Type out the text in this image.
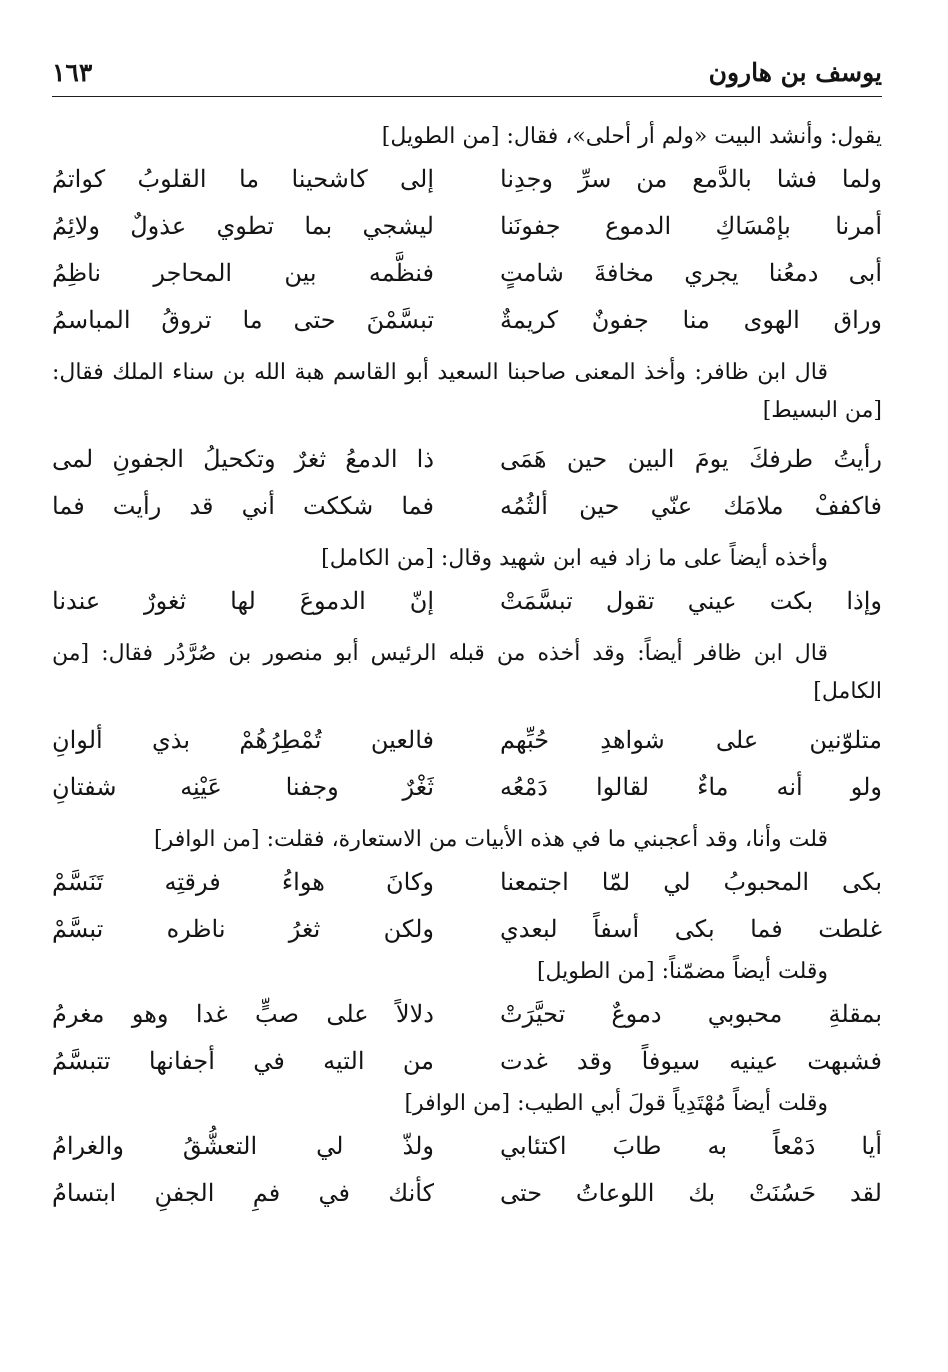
يوسف بن هارون
١٦٣

يقول: وأنشد البيت «ولم أر أحلى»، فقال: [من الطويل]

ولما فشا بالدَّمع من سرِّ وجدِنا
إلى كاشحينا ما القلوبُ كواتمُ
أمرنا بإمْسَاكِ الدموع جفونَنا
ليشجي بما تطوي عذولٌ ولائِمُ
أبى دمعُنا يجري مخافةَ شامتٍ
فنظَّمه بين المحاجر ناظِمُ
وراق الهوى منا جفونٌ كريمةٌ
تبسَّمْنَ حتى ما تروقُ المباسمُ

قال ابن ظافر: وأخذ المعنى صاحبنا السعيد أبو القاسم هبة الله بن سناء الملك فقال: [من البسيط]

رأيتُ طرفكَ يومَ البين حين هَمَى
ذا الدمعُ ثغرٌ وتكحيلُ الجفونِ لمى
فاكففْ ملامَك عنّي حين ألثُمُه
فما شككت أني قد رأيت فما

وأخذه أيضاً على ما زاد فيه ابن شهيد وقال: [من الكامل]

وإذا بكت عيني تقول تبسَّمَتْ
إنّ الدموعَ لها ثغورٌ عندنا

قال ابن ظافر أيضاً: وقد أخذه من قبله الرئيس أبو منصور بن صُرَّدُر فقال: [من الكامل]

متلوّنين على شواهدِ حُبِّهم
فالعين تُمْطِرُهُمْ بذي ألوانِ
ولو أنه ماءٌ لقالوا دَمْعُه
ثَغْرٌ وجفنا عَيْنِه شفتانِ

قلت وأنا، وقد أعجبني ما في هذه الأبيات من الاستعارة، فقلت: [من الوافر]

بكى المحبوبُ لي لمّا اجتمعنا
وكانَ هواءُ فرقتِه تَنَسَّمْ
غلطت فما بكى أسفاً لبعدي
ولكن ثغرُ ناظره تبسَّمْ

وقلت أيضاً مضمّناً: [من الطويل]

بمقلةِ محبوبي دموعٌ تحيَّرَتْ
دلالاً على صبٍّ غدا وهو مغرمُ
فشبهت عينيه سيوفاً وقد غدت
من التيه في أجفانها تتبسَّمُ

وقلت أيضاً مُهْتَدِياً قولَ أبي الطيب: [من الوافر]

أيا دَمْعاً به طابَ اكتئابي
ولذّ لي التعشُّقُ والغرامُ
لقد حَسُنَتْ بك اللوعاتُ حتى
كأنك في فمِ الجفنِ ابتسامُ
